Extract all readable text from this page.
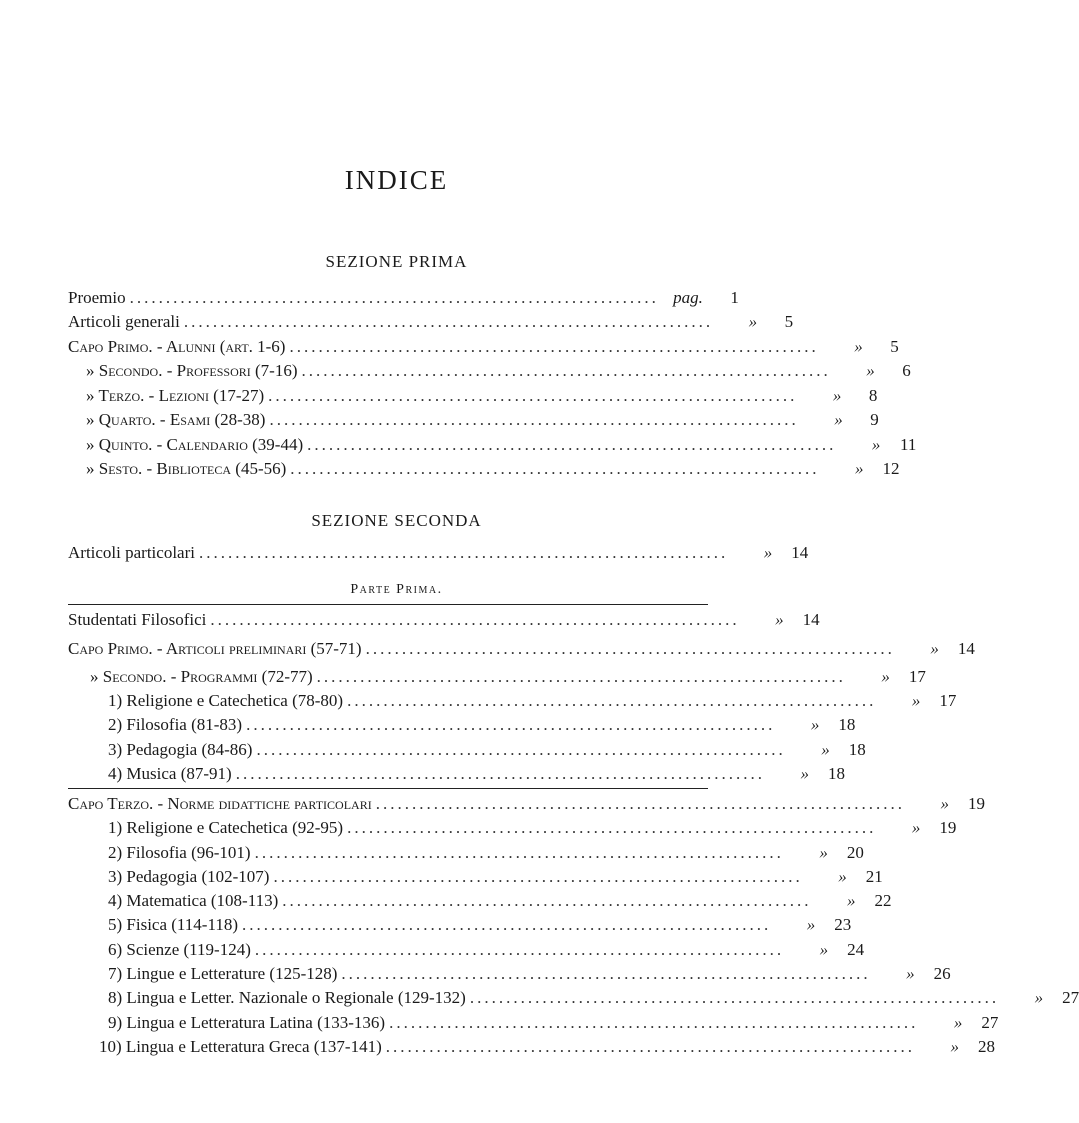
INDICE
SEZIONE PRIMA
Proemio ......................................................................... pag.	1
Articoli generali .........................................................................	»	5
Capo Primo. - Alunni (art. 1-6) .........................................................................	»	5
» Secondo. - Professori (7-16) .........................................................................	»	6
» Terzo. - Lezioni (17-27) .........................................................................	»	8
» Quarto. - Esami (28-38) .........................................................................	»	9
» Quinto. - Calendario (39-44) .........................................................................	»	11
» Sesto. - Biblioteca (45-56) .........................................................................	»	12
SEZIONE SECONDA
Articoli particolari .........................................................................	»	14
Parte Prima.
Studentati Filosofici .........................................................................	»	14
Capo Primo. - Articoli preliminari (57-71) .........................................................................	»	14
» Secondo. - Programmi (72-77) .........................................................................	»	17
1) Religione e Catechetica (78-80) .........................................................................	»	17
2) Filosofia (81-83) .........................................................................	»	18
3) Pedagogia (84-86) .........................................................................	»	18
4) Musica (87-91) .........................................................................	»	18
Capo Terzo. - Norme didattiche particolari .........................................................................	»	19
1) Religione e Catechetica (92-95) .........................................................................	»	19
2) Filosofia (96-101) .........................................................................	»	20
3) Pedagogia (102-107) .........................................................................	»	21
4) Matematica (108-113) .........................................................................	»	22
5) Fisica (114-118) .........................................................................	»	23
6) Scienze (119-124) .........................................................................	»	24
7) Lingue e Letterature (125-128) .........................................................................	»	26
8) Lingua e Letter. Nazionale o Regionale (129-132) .........................................................................	»	27
9) Lingua e Letteratura Latina (133-136) .........................................................................	»	27
10) Lingua e Letteratura Greca (137-141) .........................................................................	»	28
